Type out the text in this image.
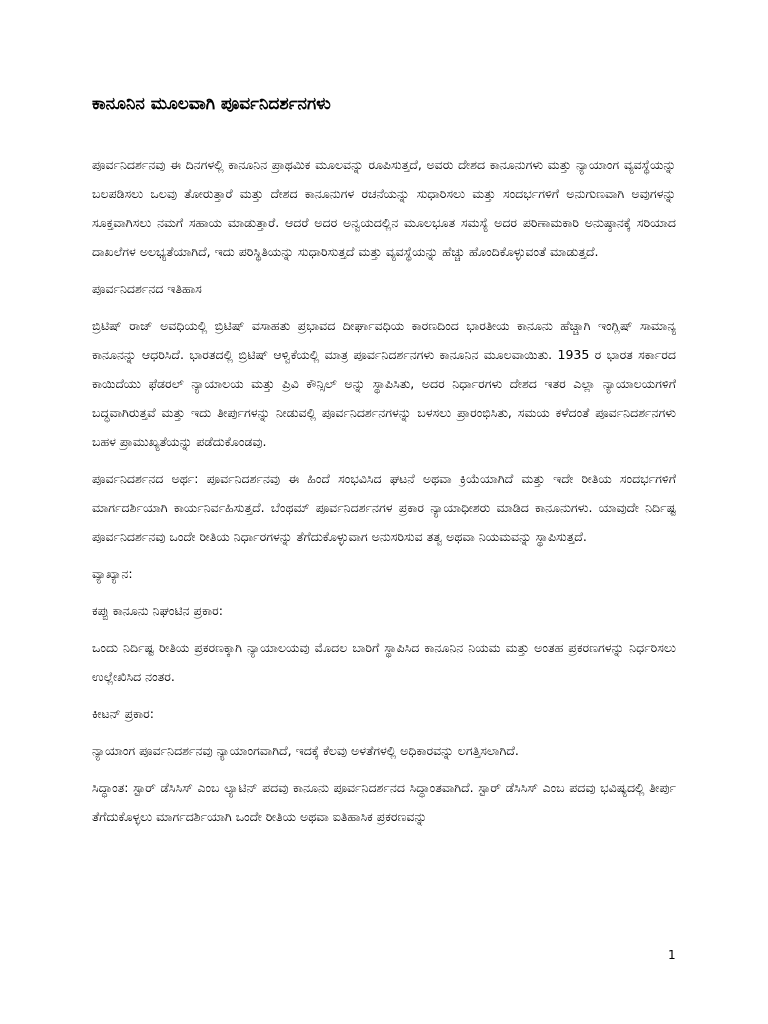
ಕಾನೂನಿನ ಮೂಲವಾಗಿ ಪೂರ್ವನಿದರ್ಶನಗಳು

ಪೂರ್ವನಿದರ್ಶನವು ಈ ದಿನಗಳಲ್ಲಿ ಕಾನೂನಿನ ಪ್ರಾಥಮಿಕ ಮೂಲವನ್ನು ರೂಪಿಸುತ್ತದೆ, ಅವರು ದೇಶದ ಕಾನೂನುಗಳು ಮತ್ತು ನ್ಯಾಯಾಂಗ ವ್ಯವಸ್ಥೆಯನ್ನು ಬಲಪಡಿಸಲು ಒಲವು ತೋರುತ್ತಾರೆ ಮತ್ತು ದೇಶದ ಕಾನೂನುಗಳ ರಚನೆಯನ್ನು ಸುಧಾರಿಸಲು ಮತ್ತು ಸಂದರ್ಭಗಳಿಗೆ ಅನುಗುಣವಾಗಿ ಅವುಗಳನ್ನು ಸೂಕ್ತವಾಗಿಸಲು ನಮಗೆ ಸಹಾಯ ಮಾಡುತ್ತಾರೆ. ಆದರೆ ಅದರ ಅನ್ವಯದಲ್ಲಿನ ಮೂಲಭೂತ ಸಮಸ್ಯೆ ಅದರ ಪರಿಣಾಮಕಾರಿ ಅನುಷ್ಠಾನಕ್ಕೆ ಸರಿಯಾದ ದಾಖಲೆಗಳ ಅಲಭ್ಯತೆಯಾಗಿದೆ, ಇದು ಪರಿಸ್ಥಿತಿಯನ್ನು ಸುಧಾರಿಸುತ್ತದೆ ಮತ್ತು ವ್ಯವಸ್ಥೆಯನ್ನು ಹೆಚ್ಚು ಹೊಂದಿಕೊಳ್ಳುವಂತೆ ಮಾಡುತ್ತದೆ.

ಪೂರ್ವನಿದರ್ಶನದ ಇತಿಹಾಸ

ಬ್ರಿಟಿಷ್ ರಾಜ್ ಅವಧಿಯಲ್ಲಿ ಬ್ರಿಟಿಷ್ ವಸಾಹತು ಪ್ರಭಾವದ ದೀರ್ಘಾವಧಿಯ ಕಾರಣದಿಂದ ಭಾರತೀಯ ಕಾನೂನು ಹೆಚ್ಚಾಗಿ ಇಂಗ್ಲಿಷ್ ಸಾಮಾನ್ಯ ಕಾನೂನನ್ನು ಆಧರಿಸಿದೆ. ಭಾರತದಲ್ಲಿ ಬ್ರಿಟಿಷ್ ಆಳ್ವಿಕೆಯಲ್ಲಿ ಮಾತ್ರ ಪೂರ್ವನಿದರ್ಶನಗಳು ಕಾನೂನಿನ ಮೂಲವಾಯಿತು. 1935 ರ ಭಾರತ ಸರ್ಕಾರದ ಕಾಯಿದೆಯು ಫೆಡರಲ್ ನ್ಯಾಯಾಲಯ ಮತ್ತು ಪ್ರಿವಿ ಕೌನ್ಸಿಲ್ ಅನ್ನು ಸ್ಥಾಪಿಸಿತು, ಅದರ ನಿರ್ಧಾರಗಳು ದೇಶದ ಇತರ ಎಲ್ಲಾ ನ್ಯಾಯಾಲಯಗಳಿಗೆ ಬದ್ಧವಾಗಿರುತ್ತವೆ ಮತ್ತು ಇದು ತೀರ್ಪುಗಳನ್ನು ನೀಡುವಲ್ಲಿ ಪೂರ್ವನಿದರ್ಶನಗಳನ್ನು ಬಳಸಲು ಪ್ರಾರಂಭಿಸಿತು, ಸಮಯ ಕಳೆದಂತೆ ಪೂರ್ವನಿದರ್ಶನಗಳು ಬಹಳ ಪ್ರಾಮುಖ್ಯತೆಯನ್ನು ಪಡೆದುಕೊಂಡವು.

ಪೂರ್ವನಿದರ್ಶನದ ಅರ್ಥ: ಪೂರ್ವನಿದರ್ಶನವು ಈ ಹಿಂದೆ ಸಂಭವಿಸಿದ ಘಟನೆ ಅಥವಾ ಕ್ರಿಯೆಯಾಗಿದೆ ಮತ್ತು ಇದೇ ರೀತಿಯ ಸಂದರ್ಭಗಳಿಗೆ ಮಾರ್ಗದರ್ಶಿಯಾಗಿ ಕಾರ್ಯನಿರ್ವಹಿಸುತ್ತದೆ. ಬೆಂಥಮ್ ಪೂರ್ವನಿದರ್ಶನಗಳ ಪ್ರಕಾರ ನ್ಯಾಯಾಧೀಶರು ಮಾಡಿದ ಕಾನೂನುಗಳು. ಯಾವುದೇ ನಿರ್ದಿಷ್ಟ ಪೂರ್ವನಿದರ್ಶನವು ಒಂದೇ ರೀತಿಯ ನಿರ್ಧಾರಗಳನ್ನು ತೆಗೆದುಕೊಳ್ಳುವಾಗ ಅನುಸರಿಸುವ ತತ್ವ ಅಥವಾ ನಿಯಮವನ್ನು ಸ್ಥಾಪಿಸುತ್ತದೆ.

ವ್ಯಾಖ್ಯಾನ:

ಕಪ್ಪು ಕಾನೂನು ನಿಘಂಟಿನ ಪ್ರಕಾರ:

ಒಂದು ನಿರ್ದಿಷ್ಟ ರೀತಿಯ ಪ್ರಕರಣಕ್ಕಾಗಿ ನ್ಯಾಯಾಲಯವು ಮೊದಲ ಬಾರಿಗೆ ಸ್ಥಾಪಿಸಿದ ಕಾನೂನಿನ ನಿಯಮ ಮತ್ತು ಅಂತಹ ಪ್ರಕರಣಗಳನ್ನು ನಿರ್ಧರಿಸಲು ಉಲ್ಲೇಖಿಸಿದ ನಂತರ.

ಕೀಟನ್ ಪ್ರಕಾರ:

ನ್ಯಾಯಾಂಗ ಪೂರ್ವನಿದರ್ಶನವು ನ್ಯಾಯಾಂಗವಾಗಿದೆ, ಇದಕ್ಕೆ ಕೆಲವು ಅಳತೆಗಳಲ್ಲಿ ಅಧಿಕಾರವನ್ನು ಲಗತ್ತಿಸಲಾಗಿದೆ.

ಸಿದ್ಧಾಂತ: ಸ್ಟಾರ್ ಡೆಸಿಸಿಸ್ ಎಂಬ ಲ್ಯಾಟಿನ್ ಪದವು ಕಾನೂನು ಪೂರ್ವನಿದರ್ಶನದ ಸಿದ್ಧಾಂತವಾಗಿದೆ. ಸ್ಟಾರ್ ಡೆಸಿಸಿಸ್ ಎಂಬ ಪದವು ಭವಿಷ್ಯದಲ್ಲಿ ತೀರ್ಪು ತೆಗೆದುಕೊಳ್ಳಲು ಮಾರ್ಗದರ್ಶಿಯಾಗಿ ಒಂದೇ ರೀತಿಯ ಅಥವಾ ಐತಿಹಾಸಿಕ ಪ್ರಕರಣವನ್ನು

1
